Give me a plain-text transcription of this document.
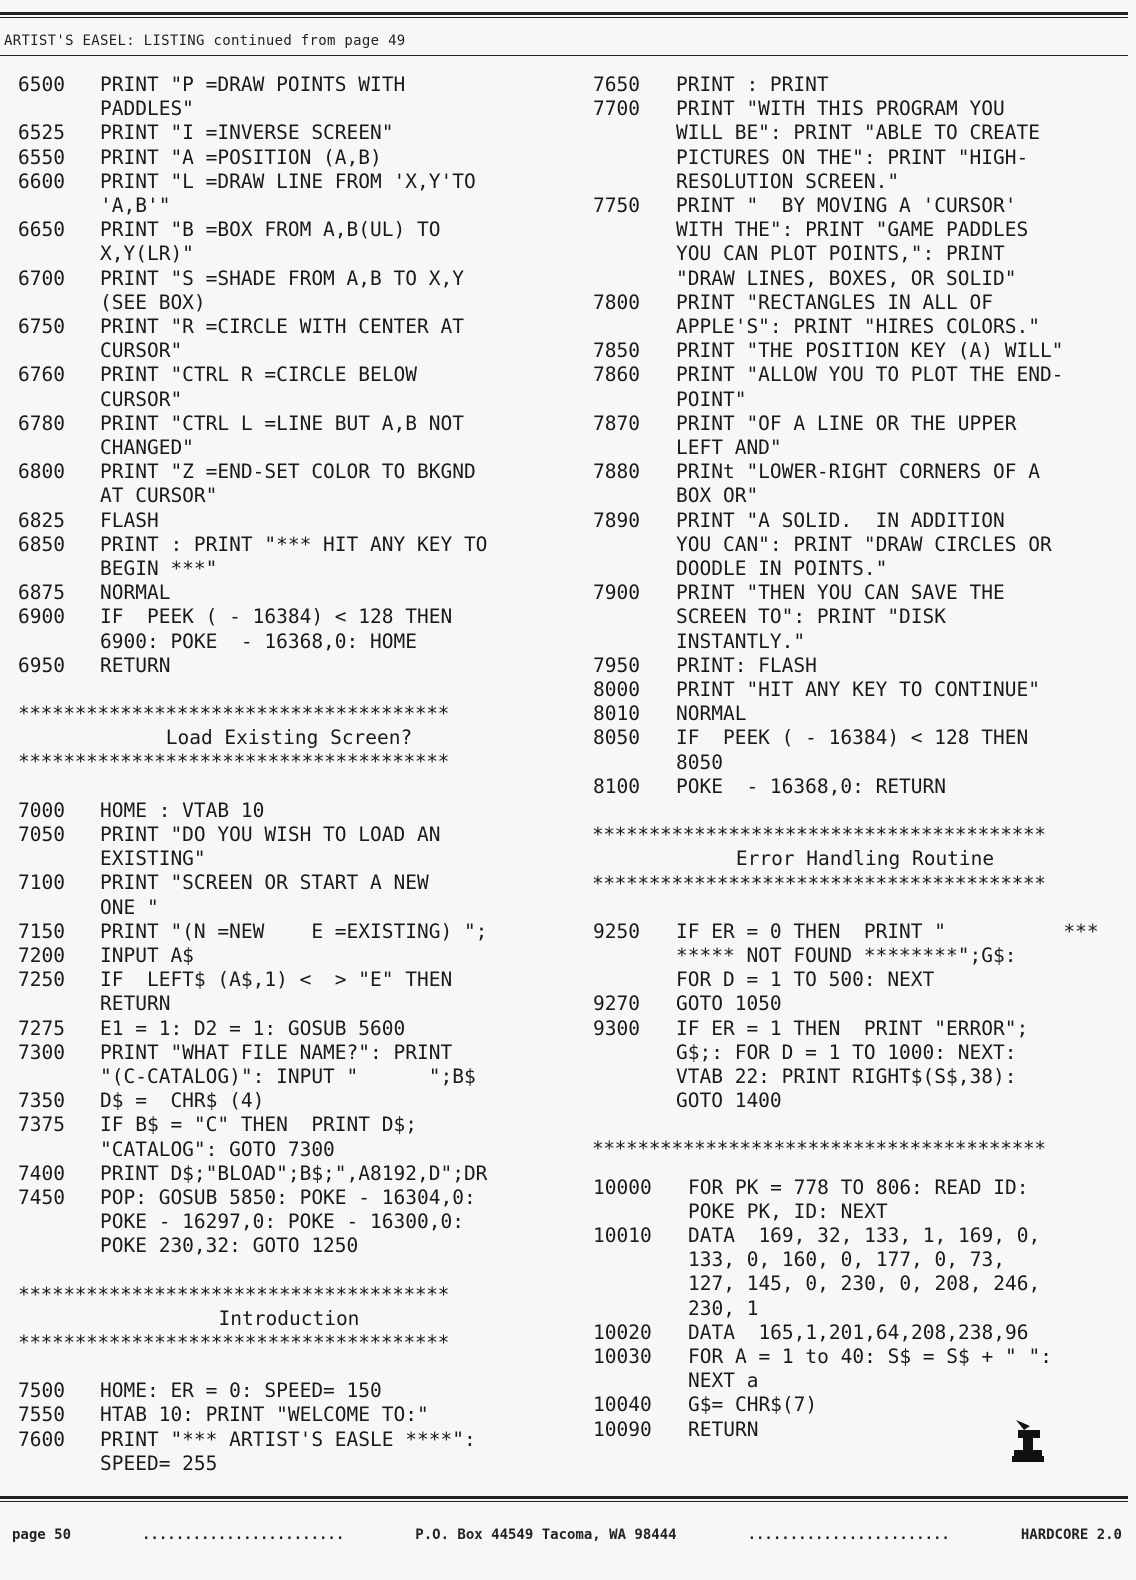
ARTIST'S EASEL: LISTING continued from page 49
6500	PRINT "P =DRAW POINTS WITH
PADDLES"
6525	PRINT "I =INVERSE SCREEN"
6550	PRINT "A =POSITION (A,B)
6600	PRINT "L =DRAW LINE FROM 'X,Y'TO
'A,B'"
6650	PRINT "B =BOX FROM A,B(UL) TO
X,Y(LR)"
6700	PRINT "S =SHADE FROM A,B TO X,Y
(SEE BOX)
6750	PRINT "R =CIRCLE WITH CENTER AT
CURSOR"
6760	PRINT "CTRL R =CIRCLE BELOW
CURSOR"
6780	PRINT "CTRL L =LINE BUT A,B NOT
CHANGED"
6800	PRINT "Z =END-SET COLOR TO BKGND
AT CURSOR"
6825	FLASH
6850	PRINT : PRINT "*** HIT ANY KEY TO
BEGIN ***"
6875	NORMAL
6900	IF  PEEK ( - 16384) < 128 THEN
6900: POKE  - 16368,0: HOME
6950	RETURN
**************************************
Load Existing Screen?
**************************************
7000	HOME : VTAB 10
7050	PRINT "DO YOU WISH TO LOAD AN
EXISTING"
7100	PRINT "SCREEN OR START A NEW
ONE "
7150	PRINT "(N =NEW    E =EXISTING) ";
7200	INPUT A$
7250	IF  LEFT$ (A$,1) <  > "E" THEN
RETURN
7275	E1 = 1: D2 = 1: GOSUB 5600
7300	PRINT "WHAT FILE NAME?": PRINT
"(C-CATALOG)": INPUT "      ";B$
7350	D$ =  CHR$ (4)
7375	IF B$ = "C" THEN  PRINT D$;
"CATALOG": GOTO 7300
7400	PRINT D$;"BLOAD";B$;",A8192,D";DR
7450	POP: GOSUB 5850: POKE - 16304,0:
POKE - 16297,0: POKE - 16300,0:
POKE 230,32: GOTO 1250
**************************************
Introduction
**************************************
7500	HOME: ER = 0: SPEED= 150
7550	HTAB 10: PRINT "WELCOME TO:"
7600	PRINT "*** ARTIST'S EASLE ****":
SPEED= 255
7650	PRINT : PRINT
7700	PRINT "WITH THIS PROGRAM YOU
WILL BE": PRINT "ABLE TO CREATE
PICTURES ON THE": PRINT "HIGH-
RESOLUTION SCREEN."
7750	PRINT "  BY MOVING A 'CURSOR'
WITH THE": PRINT "GAME PADDLES
YOU CAN PLOT POINTS,": PRINT
"DRAW LINES, BOXES, OR SOLID"
7800	PRINT "RECTANGLES IN ALL OF
APPLE'S": PRINT "HIRES COLORS."
7850	PRINT "THE POSITION KEY (A) WILL"
7860	PRINT "ALLOW YOU TO PLOT THE END-
POINT"
7870	PRINT "OF A LINE OR THE UPPER
LEFT AND"
7880	PRINt "LOWER-RIGHT CORNERS OF A
BOX OR"
7890	PRINT "A SOLID.  IN ADDITION
YOU CAN": PRINT "DRAW CIRCLES OR
DOODLE IN POINTS."
7900	PRINT "THEN YOU CAN SAVE THE
SCREEN TO": PRINT "DISK
INSTANTLY."
7950	PRINT: FLASH
8000	PRINT "HIT ANY KEY TO CONTINUE"
8010	NORMAL
8050	IF  PEEK ( - 16384) < 128 THEN
8050
8100	POKE  - 16368,0: RETURN
****************************************
Error Handling Routine
****************************************
9250	IF ER = 0 THEN  PRINT "          ***
***** NOT FOUND ********";G$:
FOR D = 1 TO 500: NEXT
9270	GOTO 1050
9300	IF ER = 1 THEN  PRINT "ERROR";
G$;: FOR D = 1 TO 1000: NEXT:
VTAB 22: PRINT RIGHT$(S$,38):
GOTO 1400
****************************************
10000	FOR PK = 778 TO 806: READ ID:
POKE PK, ID: NEXT
10010	DATA  169, 32, 133, 1, 169, 0,
133, 0, 160, 0, 177, 0, 73,
127, 145, 0, 230, 0, 208, 246,
230, 1
10020	DATA  165,1,201,64,208,238,96
10030	FOR A = 1 to 40: S$ = S$ + " ":
NEXT a
10040	G$= CHR$(7)
10090	RETURN
page 50	........................	P.O. Box 44549 Tacoma, WA 98444	........................	HARDCORE 2.0
